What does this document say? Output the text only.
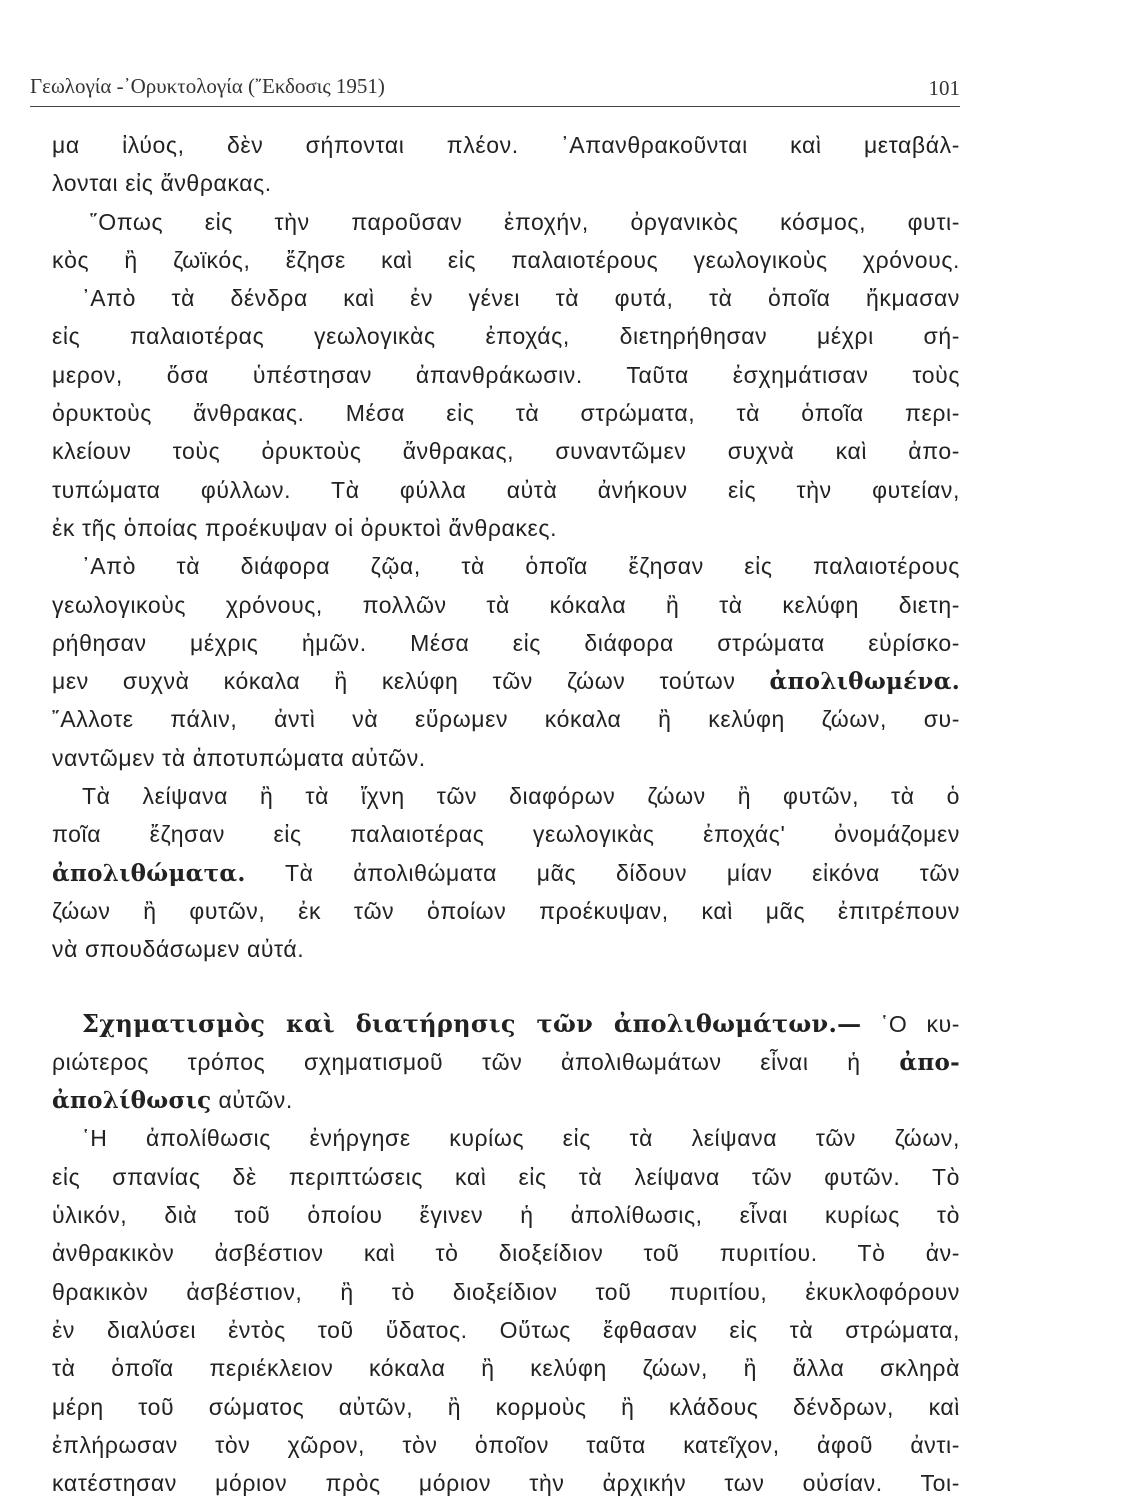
Γεωλογία -᾿Ορυκτολογία (῎Εκδοσις 1951)	101
μα ἰλύος, δὲν σήπονται πλέον. ᾿Απανθρακοῦνται καὶ μεταβάλ-
λονται εἰς ἄνθρακας.
῞Οπως εἰς τὴν παροῦσαν ἐποχήν, ὀργανικὸς κόσμος, φυτι-
κὸς ἢ ζωϊκός, ἔζησε καὶ εἰς παλαιοτέρους γεωλογικοὺς χρόνους.
᾿Απὸ τὰ δένδρα καὶ ἐν γένει τὰ φυτά, τὰ ὁποῖα ἤκμασαν
εἰς παλαιοτέρας γεωλογικὰς ἐποχάς, διετηρήθησαν μέχρι σή-
μερον, ὅσα ὑπέστησαν ἀπανθράκωσιν. Ταῦτα ἐσχημάτισαν τοὺς
ὀρυκτοὺς ἄνθρακας. Μέσα εἰς τὰ στρώματα, τὰ ὁποῖα περι-
κλείουν τοὺς ὀρυκτοὺς ἄνθρακας, συναντῶμεν συχνὰ καὶ ἀπο-
τυπώματα φύλλων. Τὰ φύλλα αὐτὰ ἀνήκουν εἰς τὴν φυτείαν,
ἐκ τῆς ὁποίας προέκυψαν οἱ ὀρυκτοὶ ἄνθρακες.
᾿Απὸ τὰ διάφορα ζῷα, τὰ ὁποῖα ἔζησαν εἰς παλαιοτέρους
γεωλογικοὺς χρόνους, πολλῶν τὰ κόκαλα ἢ τὰ κελύφη διετη-
ρήθησαν μέχρις ἡμῶν. Μέσα εἰς διάφορα στρώματα εὑρίσκο-
μεν συχνὰ κόκαλα ἢ κελύφη τῶν ζώων τούτων ἀπολιθωμένα.
῎Αλλοτε πάλιν, ἀντὶ νὰ εὕρωμεν κόκαλα ἢ κελύφη ζώων, συ-
ναντῶμεν τὰ ἀποτυπώματα αὐτῶν.
Τὰ λείψανα ἢ τὰ ἴχνη τῶν διαφόρων ζώων ἢ φυτῶν, τὰ ὁ
ποῖα ἔζησαν εἰς παλαιοτέρας γεωλογικὰς ἐποχάς' ὀνομάζομεν
ἀπολιθώματα. Τὰ ἀπολιθώματα μᾶς δίδουν μίαν εἰκόνα τῶν
ζώων ἢ φυτῶν, ἐκ τῶν ὁποίων προέκυψαν, καὶ μᾶς ἐπιτρέπουν
νὰ σπουδάσωμεν αὐτά.
Σχηματισμὸς καὶ διατήρησις τῶν ἀπολιθωμάτων.— ῾Ο κυ-
ριώτερος τρόπος σχηματισμοῦ τῶν ἀπολιθωμάτων εἶναι ἡ ἀπο-
ἀπολίθωσις αὐτῶν.
῾Η ἀπολίθωσις ἐνήργησε κυρίως εἰς τὰ λείψανα τῶν ζώων,
εἰς σπανίας δὲ περιπτώσεις καὶ εἰς τὰ λείψανα τῶν φυτῶν. Τὸ
ὑλικόν, διὰ τοῦ ὁποίου ἔγινεν ἡ ἀπολίθωσις, εἶναι κυρίως τὸ
ἀνθρακικὸν ἀσβέστιον καὶ τὸ διοξείδιον τοῦ πυριτίου. Τὸ ἀν-
θρακικὸν ἀσβέστιον, ἢ τὸ διοξείδιον τοῦ πυριτίου, ἐκυκλοφόρουν
ἐν διαλύσει ἐντὸς τοῦ ὕδατος. Οὕτως ἔφθασαν εἰς τὰ στρώματα,
τὰ ὁποῖα περιέκλειον κόκαλα ἢ κελύφη ζώων, ἢ ἄλλα σκληρὰ
μέρη τοῦ σώματος αὐτῶν, ἢ κορμοὺς ἢ κλάδους δένδρων, καὶ
ἐπλήρωσαν τὸν χῶρον, τὸν ὁποῖον ταῦτα κατεῖχον, ἀφοῦ ἀντι-
κατέστησαν μόριον πρὸς μόριον τὴν ἀρχικήν των οὐσίαν. Τοι-
